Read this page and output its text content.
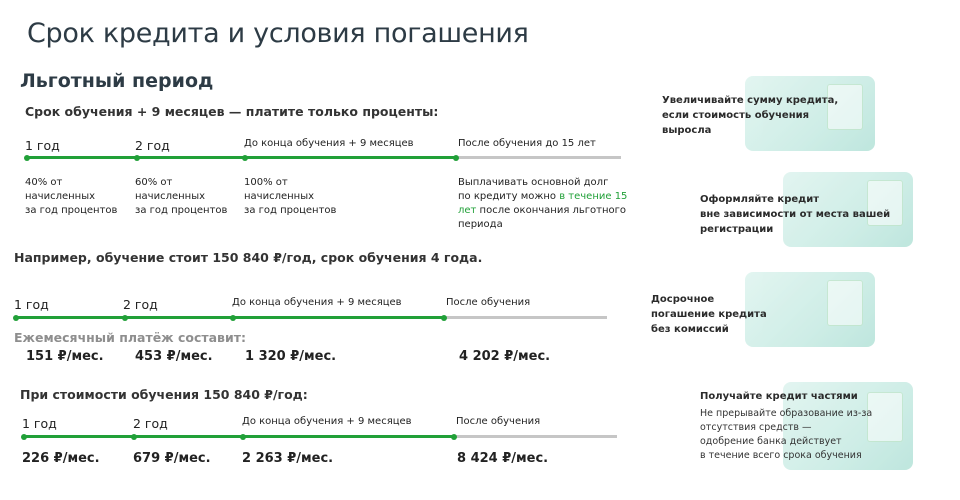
Срок кредита и условия погашения
Льготный период
Срок обучения + 9 месяцев — платите только проценты:
1 год	2 год	До конца обучения + 9 месяцев	После обучения до 15 лет
40% от
начисленных
за год процентов
60% от
начисленных
за год процентов
100% от
начисленных
за год процентов
Выплачивать основной долг
по кредиту можно в течение 15
лет после окончания льготного
периода
Например, обучение стоит 150 840 ₽/год, срок обучения 4 года.
1 год	2 год	До конца обучения + 9 месяцев	После обучения
Ежемесячный платёж составит:
151 ₽/мес. 453 ₽/мес. 1 320 ₽/мес.	4 202 ₽/мес.
При стоимости обучения 150 840 ₽/год:
1 год	2 год	До конца обучения + 9 месяцев	После обучения
226 ₽/мес.	679 ₽/мес. 2 263 ₽/мес.	8 424 ₽/мес.
Увеличивайте сумму кредита,
если стоимость обучения
выросла
Оформляйте кредит
вне зависимости от места вашей
регистрации
Досрочное
погашение кредита
без комиссий
Получайте кредит частями
Не прерывайте образование из-за
отсутствия средств —
одобрение банка действует
в течение всего срока обучения
